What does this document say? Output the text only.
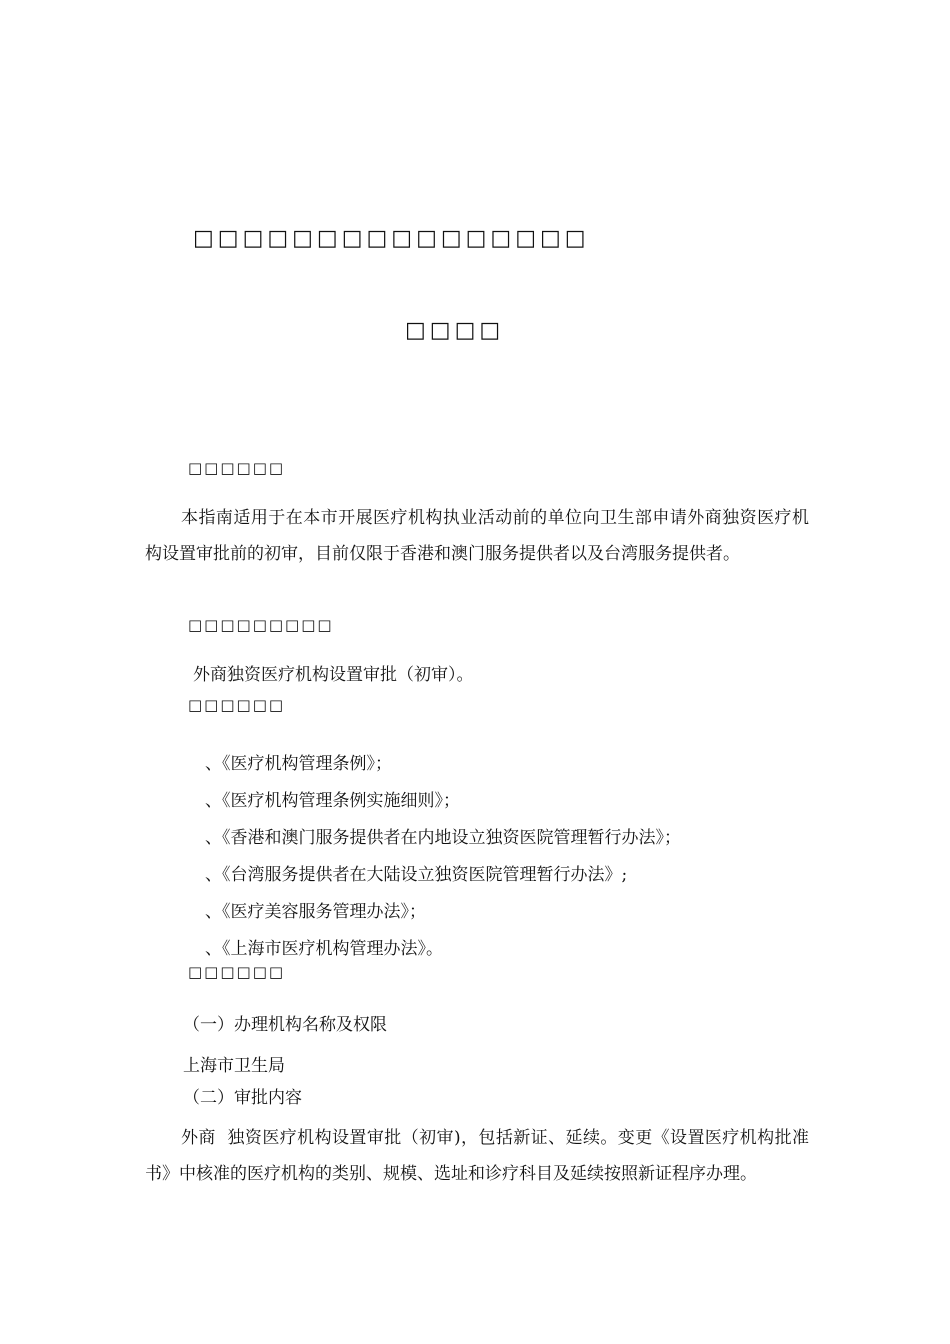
□□□□□□□□□□□□□□□□
□□□□
□□□□□□
本指南适用于在本市开展医疗机构执业活动前的单位向卫生部申请外商独资医疗机构设置审批前的初审，目前仅限于香港和澳门服务提供者以及台湾服务提供者。
□□□□□□□□□
外商独资医疗机构设置审批（初审）。
□□□□□□
、《医疗机构管理条例》；
、《医疗机构管理条例实施细则》；
、《香港和澳门服务提供者在内地设立独资医院管理暂行办法》；
、《台湾服务提供者在大陆设立独资医院管理暂行办法》;
、《医疗美容服务管理办法》；
、《上海市医疗机构管理办法》。
□□□□□□
（一）办理机构名称及权限
上海市卫生局
（二）审批内容
外商  独资医疗机构设置审批（初审)，包括新证、延续。变更《设置医疗机构批准书》中核准的医疗机构的类别、规模、选址和诊疗科目及延续按照新证程序办理。
